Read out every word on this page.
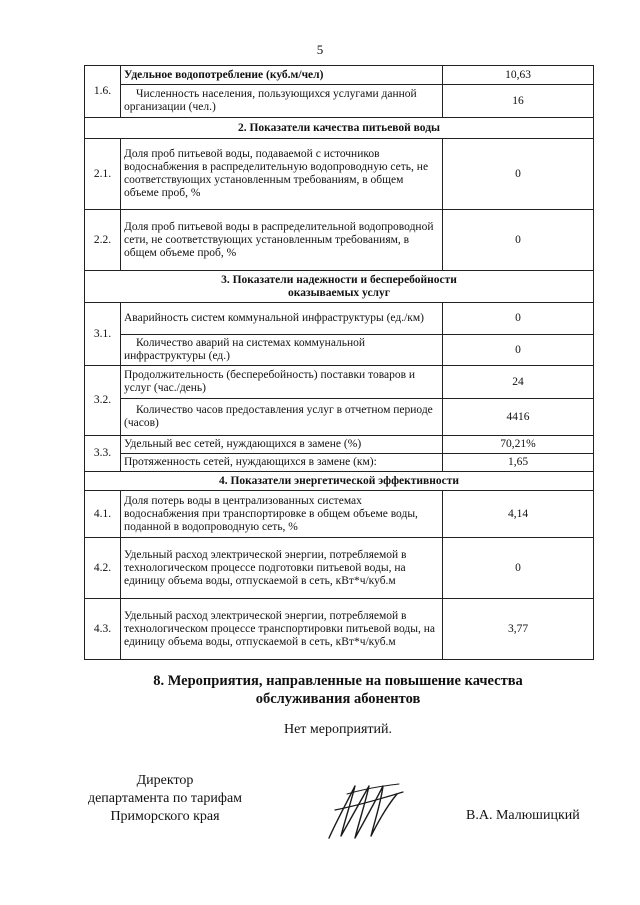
5
1.6.	Удельное водопотребление (куб.м/чел)	10,63
	Численность населения, пользующихся услугами данной организации (чел.)	16
2. Показатели качества питьевой воды		
2.1.	Доля проб питьевой воды, подаваемой с источников водоснабжения в распределительную водопроводную сеть, не соответствующих установленным требованиям, в общем объеме проб, %	0
2.2.	Доля проб питьевой воды в распределительной водопроводной сети, не соответствующих установленным требованиям, в общем объеме проб, %	0

3. Показатели надежности и бесперебойности оказываемых услуг		

3.1.	Аварийность систем коммунальной инфраструктуры (ед./км)	0
	Количество аварий на системах коммунальной инфраструктуры (ед.)	0
3.2.	Продолжительность (бесперебойность) поставки товаров и услуг (час./день)	24
	Количество часов предоставления услуг в отчетном периоде (часов)	4416
3.3.	Удельный вес сетей, нуждающихся в замене (%)	70,21%
	Протяженность сетей, нуждающихся в замене (км):	1,65
4. Показатели энергетической эффективности		
4.1.	Доля потерь воды в централизованных системах водоснабжения при транспортировке в общем объеме воды, поданной в водопроводную сеть, %	4,14
4.2.	Удельный расход электрической энергии, потребляемой в технологическом процессе подготовки питьевой воды, на единицу объема воды, отпускаемой в сеть, кВт*ч/куб.м	0
4.3.	Удельный расход электрической энергии, потребляемой в технологическом процессе транспортировки питьевой воды, на единицу объема воды, отпускаемой в сеть, кВт*ч/куб.м	3,77
8. Мероприятия, направленные на повышение качества
обслуживания абонентов
Нет мероприятий.
Директор
департамента по тарифам
Приморского края	В.А. Малюшицкий
